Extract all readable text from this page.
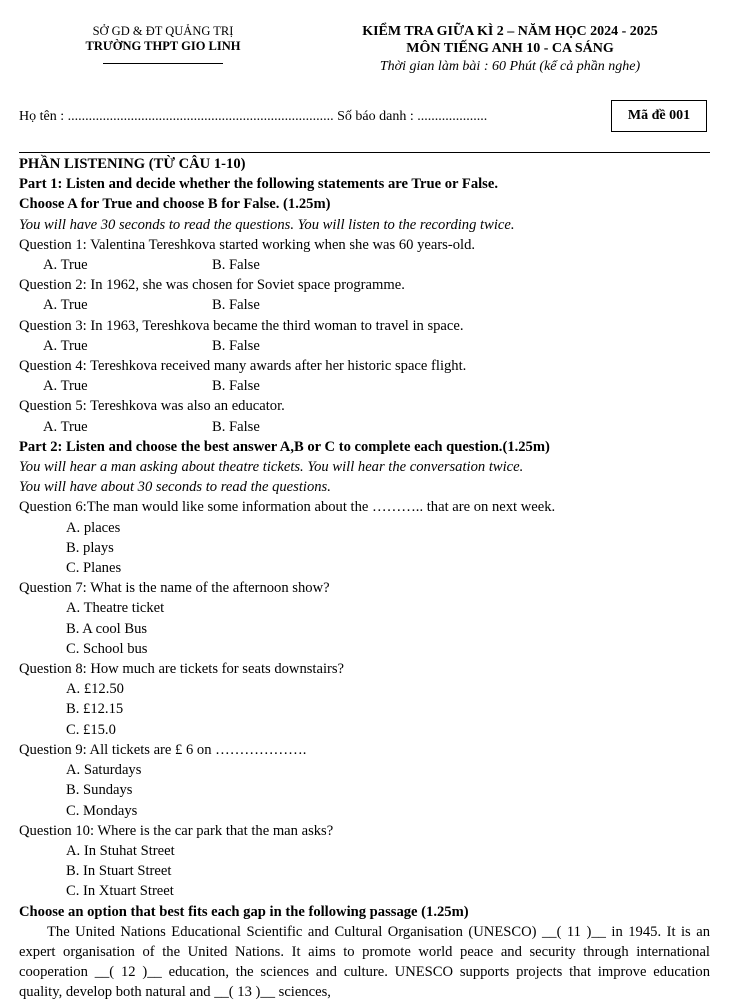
SỞ GD & ĐT QUẢNG TRỊ
TRƯỜNG THPT GIO LINH
KIỂM TRA GIỮA KÌ 2 – NĂM HỌC 2024 - 2025
MÔN TIẾNG ANH 10 - CA SÁNG
Thời gian làm bài : 60 Phút (kể cả phần nghe)
Họ tên : ............................................................................ Số báo danh : ....................	Mã đề 001
PHẦN LISTENING (TỪ CÂU 1-10)
Part 1: Listen and decide whether the following statements are True or False.
Choose A for True and choose B for False. (1.25m)
You will have 30 seconds to read the questions. You will listen to the recording twice.
Question 1: Valentina Tereshkova started working when she was 60 years-old.
A. True	B. False
Question 2: In 1962, she was chosen for Soviet space programme.
A. True	B. False
Question 3: In 1963, Tereshkova became the third woman to travel in space.
A. True	B. False
Question 4: Tereshkova received many awards after her historic space flight.
A. True	B. False
Question 5: Tereshkova was also an educator.
A. True	B. False
Part 2: Listen and choose the best answer A,B or C to complete each question.(1.25m)
You will hear a man asking about theatre tickets. You will hear the conversation twice.
You will have about 30 seconds to read the questions.
Question 6:The man would like some information about the ……….. that are on next week.
A. places
B. plays
C. Planes
Question 7: What is the name of the afternoon show?
A. Theatre ticket
B. A cool Bus
C. School bus
Question 8: How much are tickets for seats downstairs?
A. £12.50
B. £12.15
C. £15.0
Question 9: All tickets are £ 6 on ……………….
A. Saturdays
B. Sundays
C. Mondays
Question 10: Where is the car park that the man asks?
A. In Stuhat Street
B. In Stuart Street
C. In Xtuart Street
Choose an option that best fits each gap in the following passage (1.25m)
The United Nations Educational Scientific and Cultural Organisation (UNESCO) __( 11 )__ in 1945. It is an expert organisation of the United Nations. It aims to promote world peace and security through international cooperation __( 12 )__ education, the sciences and culture. UNESCO supports projects that improve education quality, develop both natural and __( 13 )__ sciences,
